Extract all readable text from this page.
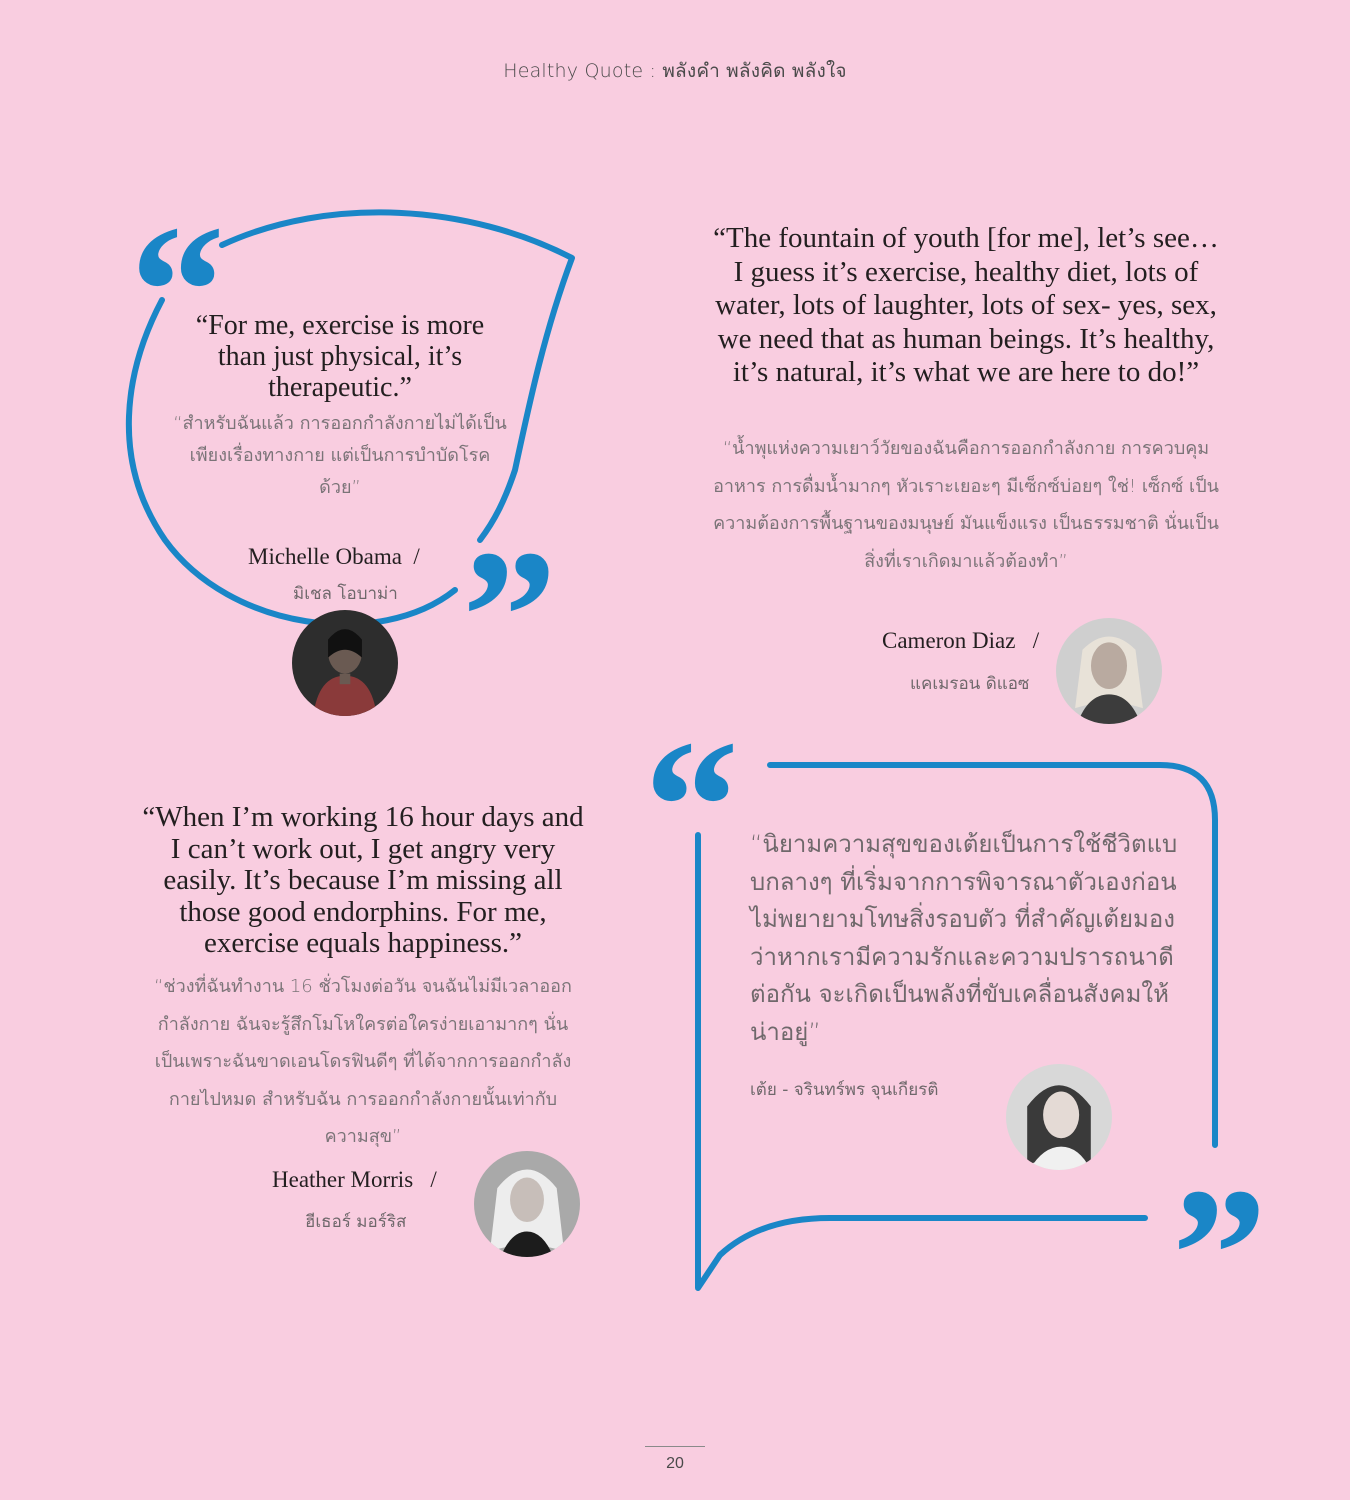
Healthy Quote : พลังคำ พลังคิด พลังใจ
“
”
“
”
“For me, exercise is more than just physical, it’s therapeutic.”
“สำหรับฉันแล้ว การออกกำลังกายไม่ได้เป็นเพียงเรื่องทางกาย แต่เป็นการบำบัดโรคด้วย”
Michelle Obama  /
มิเชล โอบาม่า
“The fountain of youth [for me], let’s see…I guess it’s exercise, healthy diet, lots of water, lots of laughter, lots of sex- yes, sex, we need that as human beings. It’s healthy, it’s natural, it’s what we are here to do!”
“น้ำพุแห่งความเยาว์วัยของฉันคือการออกกำลังกาย การควบคุมอาหาร การดื่มน้ำมากๆ หัวเราะเยอะๆ มีเซ็กซ์บ่อยๆ ใช่! เซ็กซ์ เป็นความต้องการพื้นฐานของมนุษย์ มันแข็งแรง เป็นธรรมชาติ นั่นเป็นสิ่งที่เราเกิดมาแล้วต้องทำ”
Cameron Diaz   /
แคเมรอน ดิแอซ
“When I’m working 16 hour days and I can’t work out, I get angry very easily. It’s because I’m missing all those good endorphins. For me, exercise equals happiness.”
“ช่วงที่ฉันทำงาน 16 ชั่วโมงต่อวัน จนฉันไม่มีเวลาออกกำลังกาย ฉันจะรู้สึกโมโหใครต่อใครง่ายเอามากๆ นั่นเป็นเพราะฉันขาดเอนโดรฟินดีๆ ที่ได้จากการออกกำลังกายไปหมด สำหรับฉัน การออกกำลังกายนั้นเท่ากับความสุข”
Heather Morris   /
ฮีเธอร์ มอร์ริส
“นิยามความสุขของเต้ยเป็นการใช้ชีวิตแบบกลางๆ ที่เริ่มจากการพิจารณาตัวเองก่อน ไม่พยายามโทษสิ่งรอบตัว ที่สำคัญเต้ยมองว่าหากเรามีความรักและความปรารถนาดีต่อกัน จะเกิดเป็นพลังที่ขับเคลื่อนสังคมให้น่าอยู่”
เต้ย - จรินทร์พร จุนเกียรติ
20
